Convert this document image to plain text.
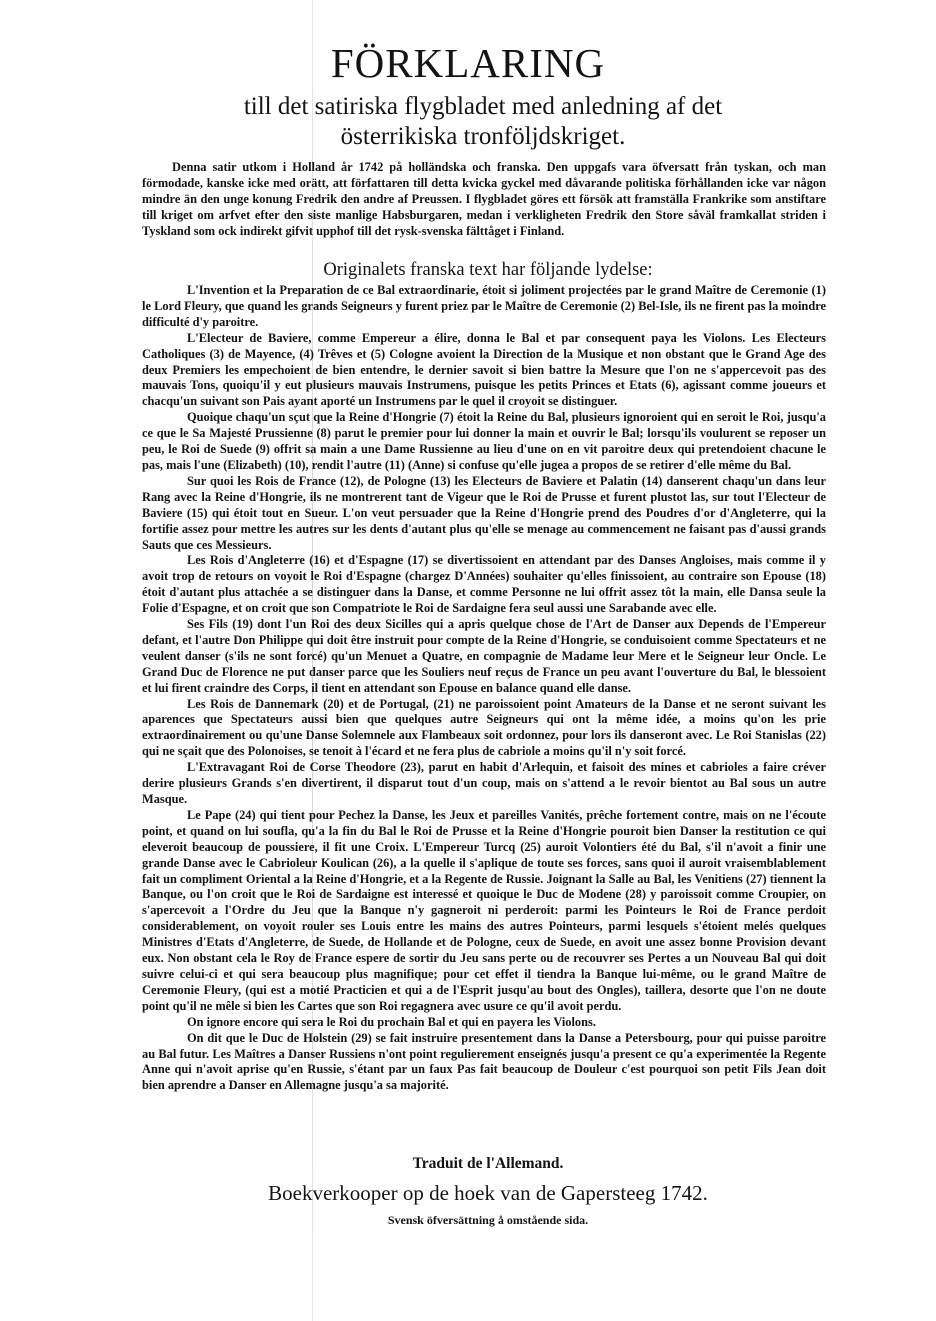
FÖRKLARING
till det satiriska flygbladet med anledning af det
österrikiska tronföljdskriget.

Denna satir utkom i Holland år 1742 på holländska och franska. Den uppgafs vara öfversatt från tyskan, och man förmodade, kanske icke med orätt, att författaren till detta kvicka gyckel med dåvarande politiska förhållanden icke var någon mindre än den unge konung Fredrik den andre af Preussen. I flygbladet göres ett försök att framställa Frankrike som anstiftare till kriget om arfvet efter den siste manlige Habsburgaren, medan i verkligheten Fredrik den Store såväl framkallat striden i Tyskland som ock indirekt gifvit upphof till det rysk-svenska fälttåget i Finland.

Originalets franska text har följande lydelse:

L'Invention et la Preparation de ce Bal extraordinarie, étoit si joliment projectées par le grand Maître de Ceremonie (1) le Lord Fleury, que quand les grands Seigneurs y furent priez par le Maître de Ceremonie (2) Bel-Isle, ils ne firent pas la moindre difficulté d'y paroitre.

L'Electeur de Baviere, comme Empereur a élire, donna le Bal et par consequent paya les Violons. Les Electeurs Catholiques (3) de Mayence, (4) Trêves et (5) Cologne avoient la Direction de la Musique et non obstant que le Grand Age des deux Premiers les empechoient de bien entendre, le dernier savoit si bien battre la Mesure que l'on ne s'appercevoit pas des mauvais Tons, quoiqu'il y eut plusieurs mauvais Instrumens, puisque les petits Princes et Etats (6), agissant comme joueurs et chacqu'un suivant son Pais ayant aporté un Instrumens par le quel il croyoit se distinguer.

Quoique chaqu'un sçut que la Reine d'Hongrie (7) étoit la Reine du Bal, plusieurs ignoroient qui en seroit le Roi, jusqu'a ce que le Sa Majesté Prussienne (8) parut le premier pour lui donner la main et ouvrir le Bal; lorsqu'ils voulurent se reposer un peu, le Roi de Suede (9) offrit sa main a une Dame Russienne au lieu d'une on en vit paroitre deux qui pretendoient chacune le pas, mais l'une (Elizabeth) (10), rendit l'autre (11) (Anne) si confuse qu'elle jugea a propos de se retirer d'elle même du Bal.

Sur quoi les Rois de France (12), de Pologne (13) les Electeurs de Baviere et Palatin (14) danserent chaqu'un dans leur Rang avec la Reine d'Hongrie, ils ne montrerent tant de Vigeur que le Roi de Prusse et furent plustot las, sur tout l'Electeur de Baviere (15) qui étoit tout en Sueur. L'on veut persuader que la Reine d'Hongrie prend des Poudres d'or d'Angleterre, qui la fortifie assez pour mettre les autres sur les dents d'autant plus qu'elle se menage au commencement ne faisant pas d'aussi grands Sauts que ces Messieurs.

Les Rois d'Angleterre (16) et d'Espagne (17) se divertissoient en attendant par des Danses Angloises, mais comme il y avoit trop de retours on voyoit le Roi d'Espagne (chargez D'Années) souhaiter qu'elles finissoient, au contraire son Epouse (18) étoit d'autant plus attachée a se distinguer dans la Danse, et comme Personne ne lui offrit assez tôt la main, elle Dansa seule la Folie d'Espagne, et on croit que son Compatriote le Roi de Sardaigne fera seul aussi une Sarabande avec elle.

Ses Fils (19) dont l'un Roi des deux Sicilles qui a apris quelque chose de l'Art de Danser aux Depends de l'Empereur defant, et l'autre Don Philippe qui doit être instruit pour compte de la Reine d'Hongrie, se conduisoient comme Spectateurs et ne veulent danser (s'ils ne sont forcé) qu'un Menuet a Quatre, en compagnie de Madame leur Mere et le Seigneur leur Oncle. Le Grand Duc de Florence ne put danser parce que les Souliers neuf reçus de France un peu avant l'ouverture du Bal, le blessoient et lui firent craindre des Corps, il tient en attendant son Epouse en balance quand elle danse.

Les Rois de Dannemark (20) et de Portugal, (21) ne paroissoient point Amateurs de la Danse et ne seront suivant les aparences que Spectateurs aussi bien que quelques autre Seigneurs qui ont la même idée, a moins qu'on les prie extraordinairement ou qu'une Danse Solemnele aux Flambeaux soit ordonnez, pour lors ils danseront avec. Le Roi Stanislas (22) qui ne sçait que des Polonoises, se tenoit à l'écard et ne fera plus de cabriole a moins qu'il n'y soit forcé.

L'Extravagant Roi de Corse Theodore (23), parut en habit d'Arlequin, et faisoit des mines et cabrioles a faire créver derire plusieurs Grands s'en divertirent, il disparut tout d'un coup, mais on s'attend a le revoir bientot au Bal sous un autre Masque.

Le Pape (24) qui tient pour Pechez la Danse, les Jeux et pareilles Vanités, prêche fortement contre, mais on ne l'écoute point, et quand on lui soufla, qu'a la fin du Bal le Roi de Prusse et la Reine d'Hongrie pouroit bien Danser la restitution ce qui eleveroit beaucoup de poussiere, il fit une Croix. L'Empereur Turcq (25) auroit Volontiers été du Bal, s'il n'avoit a finir une grande Danse avec le Cabrioleur Koulican (26), a la quelle il s'aplique de toute ses forces, sans quoi il auroit vraisemblablement fait un compliment Oriental a la Reine d'Hongrie, et a la Regente de Russie. Joignant la Salle au Bal, les Venitiens (27) tiennent la Banque, ou l'on croit que le Roi de Sardaigne est interessé et quoique le Duc de Modene (28) y paroissoit comme Croupier, on s'apercevoit a l'Ordre du Jeu que la Banque n'y gagneroit ni perderoit: parmi les Pointeurs le Roi de France perdoit considerablement, on voyoit rouler ses Louis entre les mains des autres Pointeurs, parmi lesquels s'étoient melés quelques Ministres d'Etats d'Angleterre, de Suede, de Hollande et de Pologne, ceux de Suede, en avoit une assez bonne Provision devant eux. Non obstant cela le Roy de France espere de sortir du Jeu sans perte ou de recouvrer ses Pertes a un Nouveau Bal qui doit suivre celui-ci et qui sera beaucoup plus magnifique; pour cet effet il tiendra la Banque lui-même, ou le grand Maître de Ceremonie Fleury, (qui est a motié Practicien et qui a de l'Esprit jusqu'au bout des Ongles), taillera, desorte que l'on ne doute point qu'il ne mêle si bien les Cartes que son Roi regagnera avec usure ce qu'il avoit perdu.

On ignore encore qui sera le Roi du prochain Bal et qui en payera les Violons.

On dit que le Duc de Holstein (29) se fait instruire presentement dans la Danse a Petersbourg, pour qui puisse paroitre au Bal futur. Les Maîtres a Danser Russiens n'ont point regulierement enseignés jusqu'a present ce qu'a experimentée la Regente Anne qui n'avoit aprise qu'en Russie, s'étant par un faux Pas fait beaucoup de Douleur c'est pourquoi son petit Fils Jean doit bien aprendre a Danser en Allemagne jusqu'a sa majorité.

Traduit de l'Allemand.

Boekverkooper op de hoek van de Gapersteeg 1742.

Svensk öfversättning å omstående sida.
